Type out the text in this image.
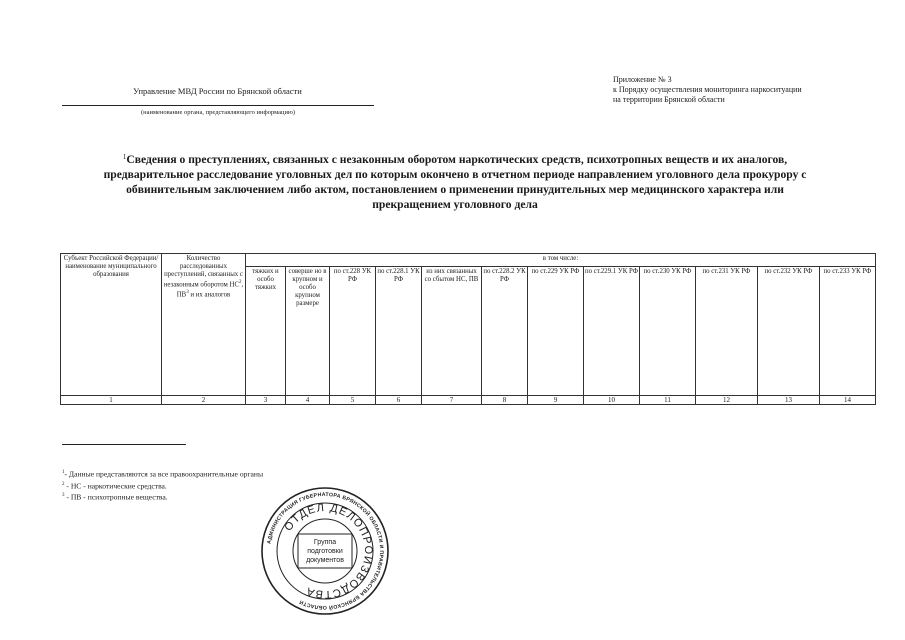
Управление МВД России по Брянской области
(наименование органа, представляющего информацию)
Приложение № 3
к Порядку осуществления мониторинга наркоситуации
на территории Брянской области
$^1$Сведения о преступлениях, связанных с незаконным оборотом наркотических средств, психотропных веществ и их аналогов, предварительное расследование уголовных дел по которым окончено в отчетном периоде направлением уголовного дела прокурору с обвинительным заключением либо актом, постановлением о применении принудительных мер медицинского характера или прекращением уголовного дела
Субъект Российской Федерации/ наименование муниципального образования	Количество расследованных преступлений, связанных с незаконным оборотом $НС^2$, $ПВ^3$ и их аналогов	в том числе:											
		тяжких и особо тяжких	соверше но в крупном и особо крупном размере	по ст.228 УК РФ	по ст.228.1 УК РФ	из них связанных со сбытом НС, ПВ	по ст.228.2 УК РФ	по ст.229 УК РФ	по ст.229.1 УК РФ	по ст.230 УК РФ	по ст.231 УК РФ	по ст.232 УК РФ	по ст.233 УК РФ
1	2	3	4	5	6	7	8	9	10	11	12	13	14
$^1$- Данные представляются за все правоохранительные органы
$^2$ - НС - наркотические средства.
$^3$ - ПВ - психотропные вещества.
АДМИНИСТРАЦИЯ ГУБЕРНАТОРА БРЯНСКОЙ ОБЛАСТИ И ПРАВИТЕЛЬСТВА БРЯНСКОЙ ОБЛАСТИ
ОТДЕЛ ДЕЛОПРОИЗВОДСТВА
Группа подготовки документов
